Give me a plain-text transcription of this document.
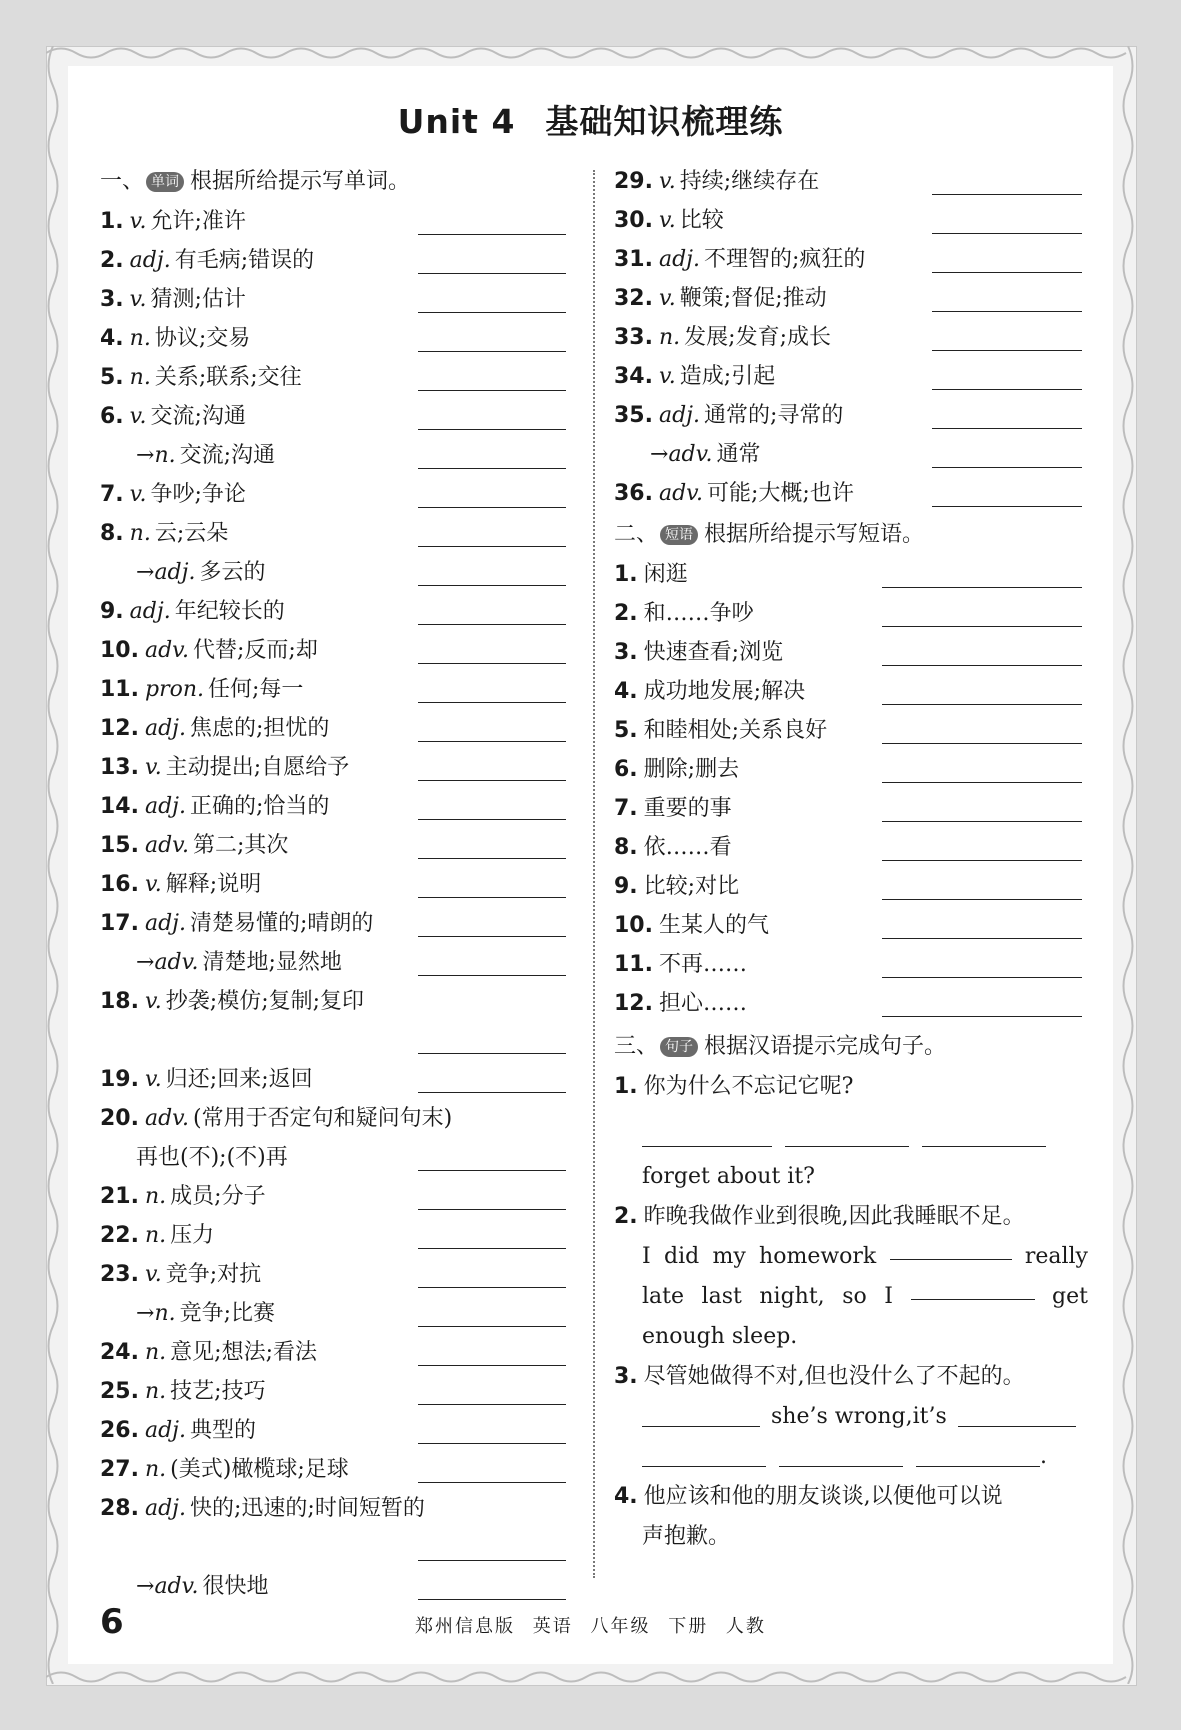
Unit 4 基础知识梳理练
一、 单词 根据所给提示写单词。
1. v. 允许;准许
2. adj. 有毛病;错误的
3. v. 猜测;估计
4. n. 协议;交易
5. n. 关系;联系;交往
6. v. 交流;沟通
→n. 交流;沟通
7. v. 争吵;争论
8. n. 云;云朵
→adj. 多云的
9. adj. 年纪较长的
10. adv. 代替;反而;却
11. pron. 任何;每一
12. adj. 焦虑的;担忧的
13. v. 主动提出;自愿给予
14. adj. 正确的;恰当的
15. adv. 第二;其次
16. v. 解释;说明
17. adj. 清楚易懂的;晴朗的
→adv. 清楚地;显然地
18. v. 抄袭;模仿;复制;复印
19. v. 归还;回来;返回
20. adv. (常用于否定句和疑问句末)
再也(不);(不)再
21. n. 成员;分子
22. n. 压力
23. v. 竞争;对抗
→n. 竞争;比赛
24. n. 意见;想法;看法
25. n. 技艺;技巧
26. adj. 典型的
27. n. (美式)橄榄球;足球
28. adj. 快的;迅速的;时间短暂的
→adv. 很快地
29. v. 持续;继续存在
30. v. 比较
31. adj. 不理智的;疯狂的
32. v. 鞭策;督促;推动
33. n. 发展;发育;成长
34. v. 造成;引起
35. adj. 通常的;寻常的
→adv. 通常
36. adv. 可能;大概;也许
二、 短语 根据所给提示写短语。
1. 闲逛
2. 和……争吵
3. 快速查看;浏览
4. 成功地发展;解决
5. 和睦相处;关系良好
6. 删除;删去
7. 重要的事
8. 依……看
9. 比较;对比
10. 生某人的气
11. 不再……
12. 担心……
三、 句子 根据汉语提示完成句子。
1. 你为什么不忘记它呢?

forget about it?
2. 昨晚我做作业到很晚,因此我睡眠不足。
I did my homework	really
late last night, so I	get
enough sleep.
3. 尽管她做得不对,但也没什么了不起的。
she’s wrong,it’s
.
4. 他应该和他的朋友谈谈,以便他可以说
声抱歉。
6	郑州信息版 英语 八年级 下册 人教
